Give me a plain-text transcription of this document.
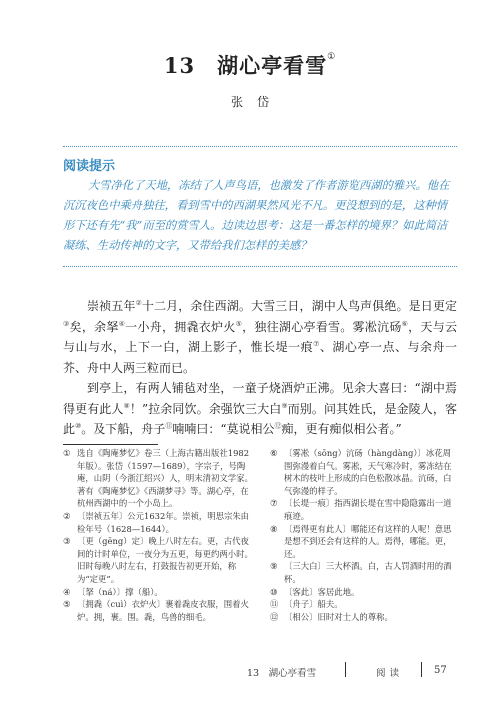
13　湖心亭看雪①
张岱
阅读提示
大雪净化了天地，冻结了人声鸟语，也激发了作者游览西湖的雅兴。他在沉沉夜色中乘舟独往，看到雪中的西湖果然风光不凡。更没想到的是，这种情形下还有先“我”而至的赏雪人。边读边思考：这是一番怎样的境界？如此简洁凝练、生动传神的文字，又带给我们怎样的美感？
崇祯五年②十二月，余住西湖。大雪三日，湖中人鸟声俱绝。是日更定③矣，余拏④一小舟，拥毳衣炉火⑤，独往湖心亭看雪。雾凇沆砀⑥，天与云与山与水，上下一白，湖上影子，惟长堤一痕⑦、湖心亭一点、与余舟一芥、舟中人两三粒而已。
到亭上，有两人铺毡对坐，一童子烧酒炉正沸。见余大喜曰：“湖中焉得更有此人⑧！”拉余同饮。余强饮三大白⑨而别。问其姓氏，是金陵人，客此⑩。及下船，舟子⑪喃喃曰：“莫说相公⑫痴，更有痴似相公者。”
① 选自《陶庵梦忆》卷三（上海古籍出版社1982年版）。张岱（1597—1689），字宗子，号陶庵，山阴（今浙江绍兴）人，明末清初文学家。著有《陶庵梦忆》《西湖梦寻》等。湖心亭，在杭州西湖中的一个小岛上。
② 〔崇祯五年〕公元1632年。崇祯，明思宗朱由检年号（1628—1644）。
③ 〔更（gēng）定〕晚上八时左右。更，古代夜间的计时单位，一夜分为五更，每更约两小时。旧时每晚八时左右，打鼓报告初更开始，称为“定更”。
④ 〔拏（ná）〕撑（船）。
⑤ 〔拥毳（cuì）衣炉火〕裹着毳皮衣服，围着火炉。拥，裹。围。毳，鸟兽的细毛。
⑥ 〔雾凇（sōng）沆砀（hàngdàng）〕冰花周围弥漫着白气。雾凇，天气寒冷时，雾冻结在树木的枝叶上形成的白色松散冰晶。沆砀，白气弥漫的样子。
⑦ 〔长堤一痕〕指西湖长堤在雪中隐隐露出一道痕迹。
⑧ 〔焉得更有此人〕哪能还有这样的人呢！意思是想不到还会有这样的人。焉得，哪能。更，还。
⑨ 〔三大白〕三大杯酒。白，古人罚酒时用的酒杯。
⑩ 〔客此〕客居此地。
⑪ 〔舟子〕船夫。
⑫ 〔相公〕旧时对士人的尊称。
13　湖心亭看雪	阅读	57
